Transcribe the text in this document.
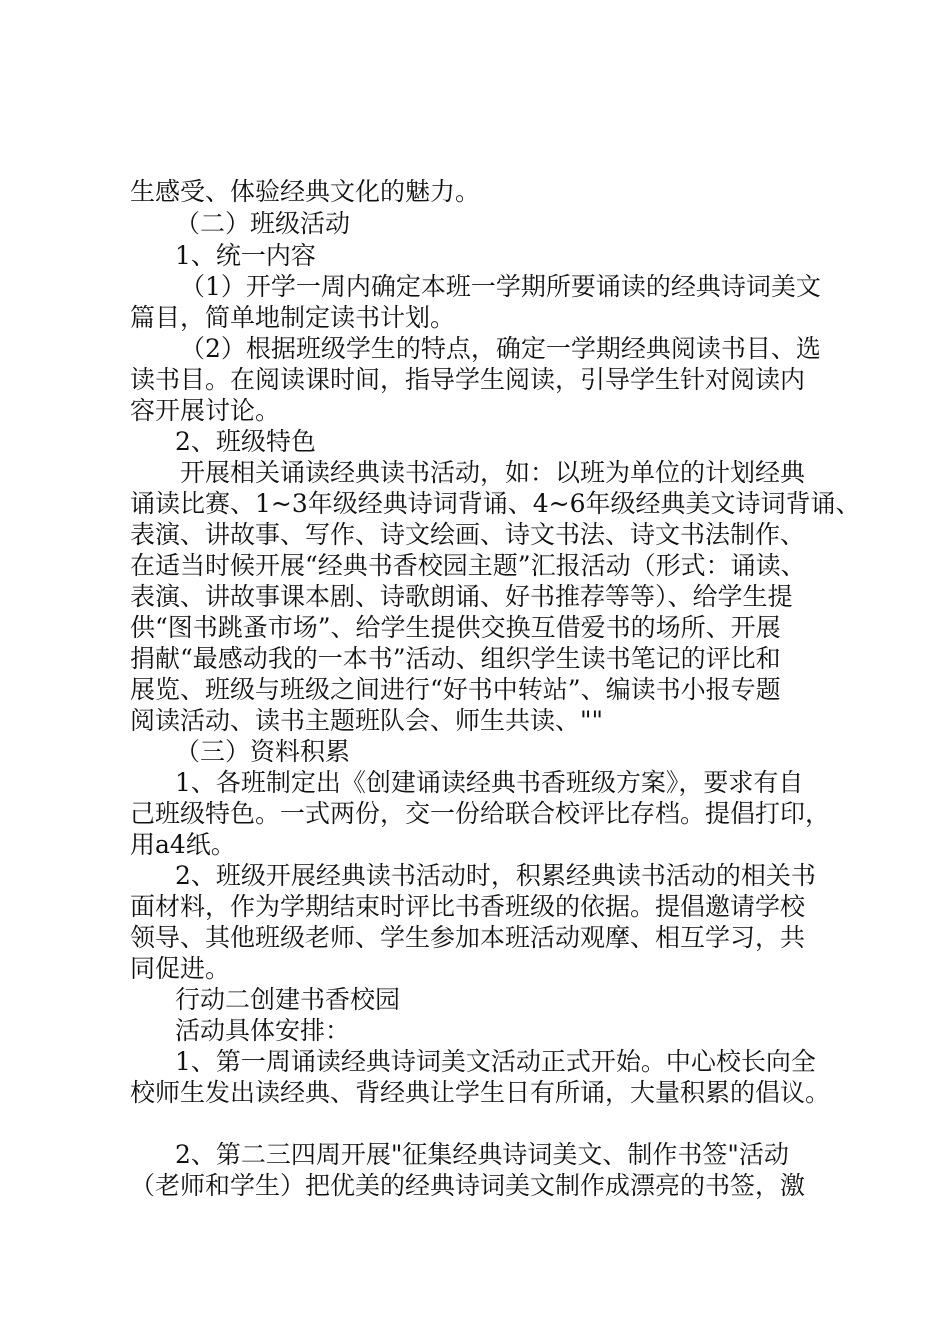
生感受、体验经典文化的魅力。
（二）班级活动
1、统一内容
（1）开学一周内确定本班一学期所要诵读的经典诗词美文
篇目，简单地制定读书计划。
（2）根据班级学生的特点，确定一学期经典阅读书目、选
读书目。在阅读课时间，指导学生阅读，引导学生针对阅读内
容开展讨论。
2、班级特色
开展相关诵读经典读书活动，如：以班为单位的计划经典
诵读比赛、1~3年级经典诗词背诵、4~6年级经典美文诗词背诵、
表演、讲故事、写作、诗文绘画、诗文书法、诗文书法制作、
在适当时候开展“经典书香校园主题”汇报活动（形式：诵读、
表演、讲故事课本剧、诗歌朗诵、好书推荐等等）、给学生提
供“图书跳蚤市场”、给学生提供交换互借爱书的场所、开展
捐献“最感动我的一本书”活动、组织学生读书笔记的评比和
展览、班级与班级之间进行“好书中转站”、编读书小报专题
阅读活动、读书主题班队会、师生共读、""
（三）资料积累
1、各班制定出《创建诵读经典书香班级方案》，要求有自
己班级特色。一式两份，交一份给联合校评比存档。提倡打印，
用a4纸。
2、班级开展经典读书活动时，积累经典读书活动的相关书
面材料，作为学期结束时评比书香班级的依据。提倡邀请学校
领导、其他班级老师、学生参加本班活动观摩、相互学习，共
同促进。
行动二创建书香校园
活动具体安排：
1、第一周诵读经典诗词美文活动正式开始。中心校长向全
校师生发出读经典、背经典让学生日有所诵，大量积累的倡议。
2、第二三四周开展"征集经典诗词美文、制作书签"活动
（老师和学生）把优美的经典诗词美文制作成漂亮的书签，激
